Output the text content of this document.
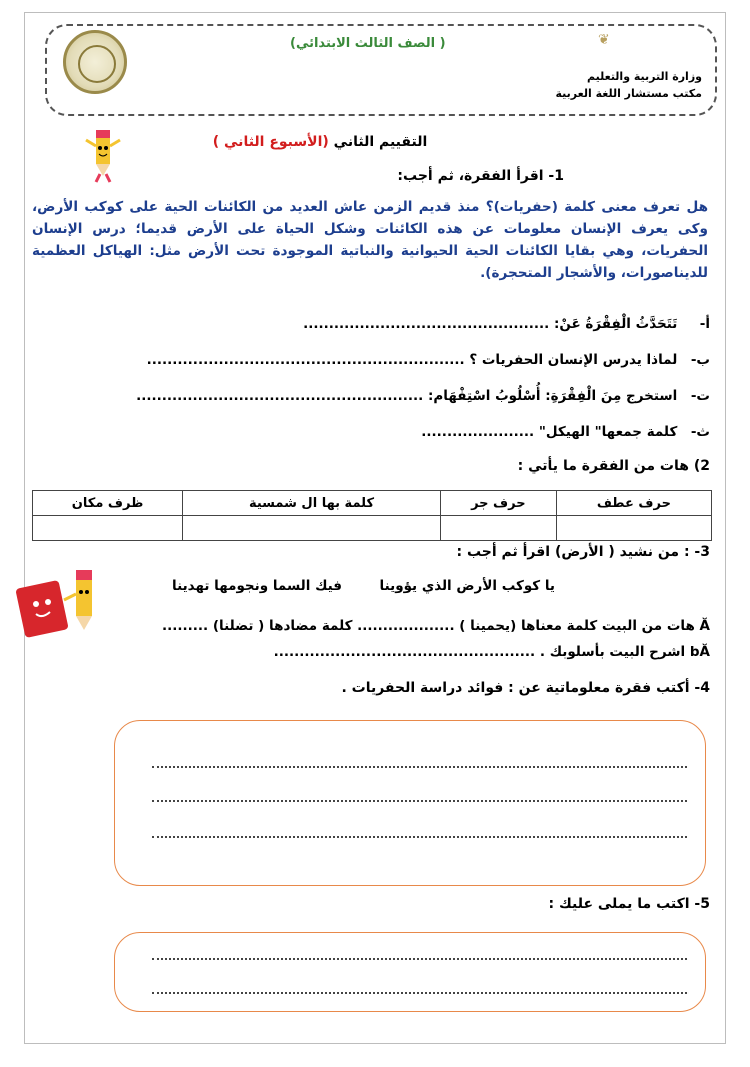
❦
( الصف الثالث الابتدائي)
وزارة التربية والتعليم
مكتب مستشار اللغة العربية
التقييم الثاني (الأسبوع الثاني )
1- اقرأ الفقرة، ثم أجب:
هل تعرف معنى كلمة (حفريات)؟ منذ قديم الزمن عاش العديد من الكائنات الحية على كوكب الأرض، وكى يعرف الإنسان معلومات عن هذه الكائنات وشكل الحياة على الأرض قديما؛ درس الإنسان الحفريات، وهي بقايا الكائنات الحية الحيوانية والنباتية الموجودة تحت الأرض مثل: الهياكل العظمية للديناصورات، والأشجار المتحجرة).
أ- تَتَحَدَّثُ الْفِقْرَةُ عَنْ: ................................................
ب- لماذا يدرس الإنسان الحفريات ؟ ..............................................................
ت- استخرج مِنَ الْفِقْرَةِ: أُسْلُوبُ اسْتِفْهَام: ........................................................
ث- كلمة جمعها" الهيكل" ......................
2) هات من الفقرة ما يأتي :
حرف عطف	حرف جر	كلمة بها ال شمسية	ظرف مكان

3- : من نشيد ( الأرض) اقرأ ثم أجب :
يا كوكب الأرض الذي يؤوينا
فيك السما ونجومها تهدينا
Ă هات من البيت كلمة معناها (يحمينا ) ................... كلمة مضادها ( تضلنا) .........
bĂ اشرح البيت بأسلوبك . ...................................................
4- أكتب فقرة معلوماتية عن : فوائد دراسة الحفريات .
5- اكتب ما يملى عليك :
